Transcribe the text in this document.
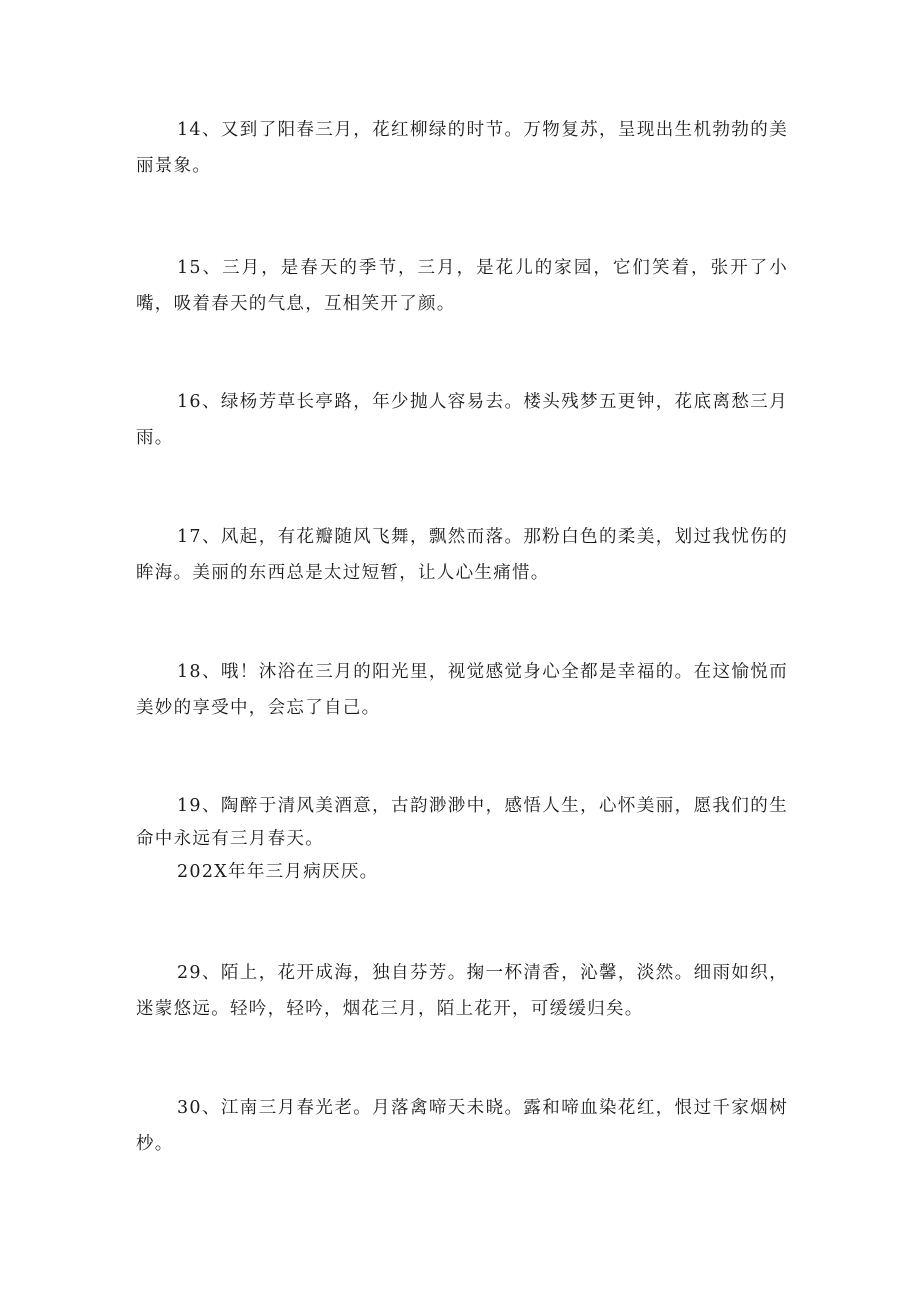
14、又到了阳春三月，花红柳绿的时节。万物复苏，呈现出生机勃勃的美丽景象。

15、三月，是春天的季节，三月，是花儿的家园，它们笑着，张开了小嘴，吸着春天的气息，互相笑开了颜。

16、绿杨芳草长亭路，年少抛人容易去。楼头残梦五更钟，花底离愁三月雨。

17、风起，有花瓣随风飞舞，飘然而落。那粉白色的柔美，划过我忧伤的眸海。美丽的东西总是太过短暂，让人心生痛惜。

18、哦！沐浴在三月的阳光里，视觉感觉身心全都是幸福的。在这愉悦而美妙的享受中，会忘了自己。

19、陶醉于清风美酒意，古韵渺渺中，感悟人生，心怀美丽，愿我们的生命中永远有三月春天。
202X年年三月病厌厌。

29、陌上，花开成海，独自芬芳。掬一杯清香，沁馨，淡然。细雨如织，迷蒙悠远。轻吟，轻吟，烟花三月，陌上花开，可缓缓归矣。

30、江南三月春光老。月落禽啼天未晓。露和啼血染花红，恨过千家烟树杪。
